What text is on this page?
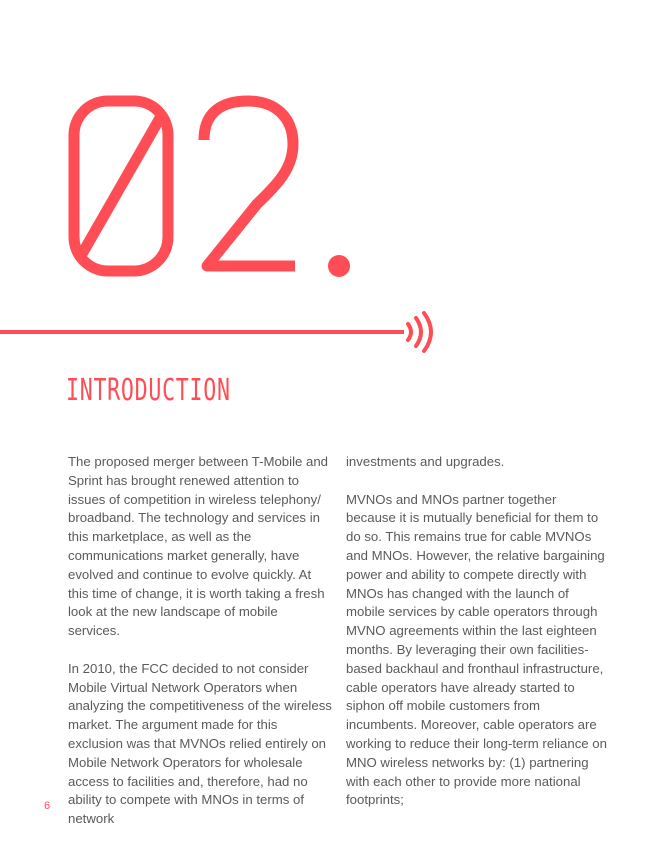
INTRODUCTION

The proposed merger between T-Mobile and Sprint has brought renewed attention to issues of competition in wireless telephony/ broadband. The technology and services in this marketplace, as well as the communications market generally, have evolved and continue to evolve quickly. At this time of change, it is worth taking a fresh look at the new landscape of mobile services.

In 2010, the FCC decided to not consider Mobile Virtual Network Operators when analyzing the competitiveness of the wireless market. The argument made for this exclusion was that MVNOs relied entirely on Mobile Network Operators for wholesale access to facilities and, therefore, had no ability to compete with MNOs in terms of network

investments and upgrades.

MVNOs and MNOs partner together because it is mutually beneficial for them to do so. This remains true for cable MVNOs and MNOs. However, the relative bargaining power and ability to compete directly with MNOs has changed with the launch of mobile services by cable operators through MVNO agreements within the last eighteen months. By leveraging their own facilities-based backhaul and fronthaul infrastructure, cable operators have already started to siphon off mobile customers from incumbents. Moreover, cable operators are working to reduce their long-term reliance on MNO wireless networks by: (1) partnering with each other to provide more national footprints;

6
